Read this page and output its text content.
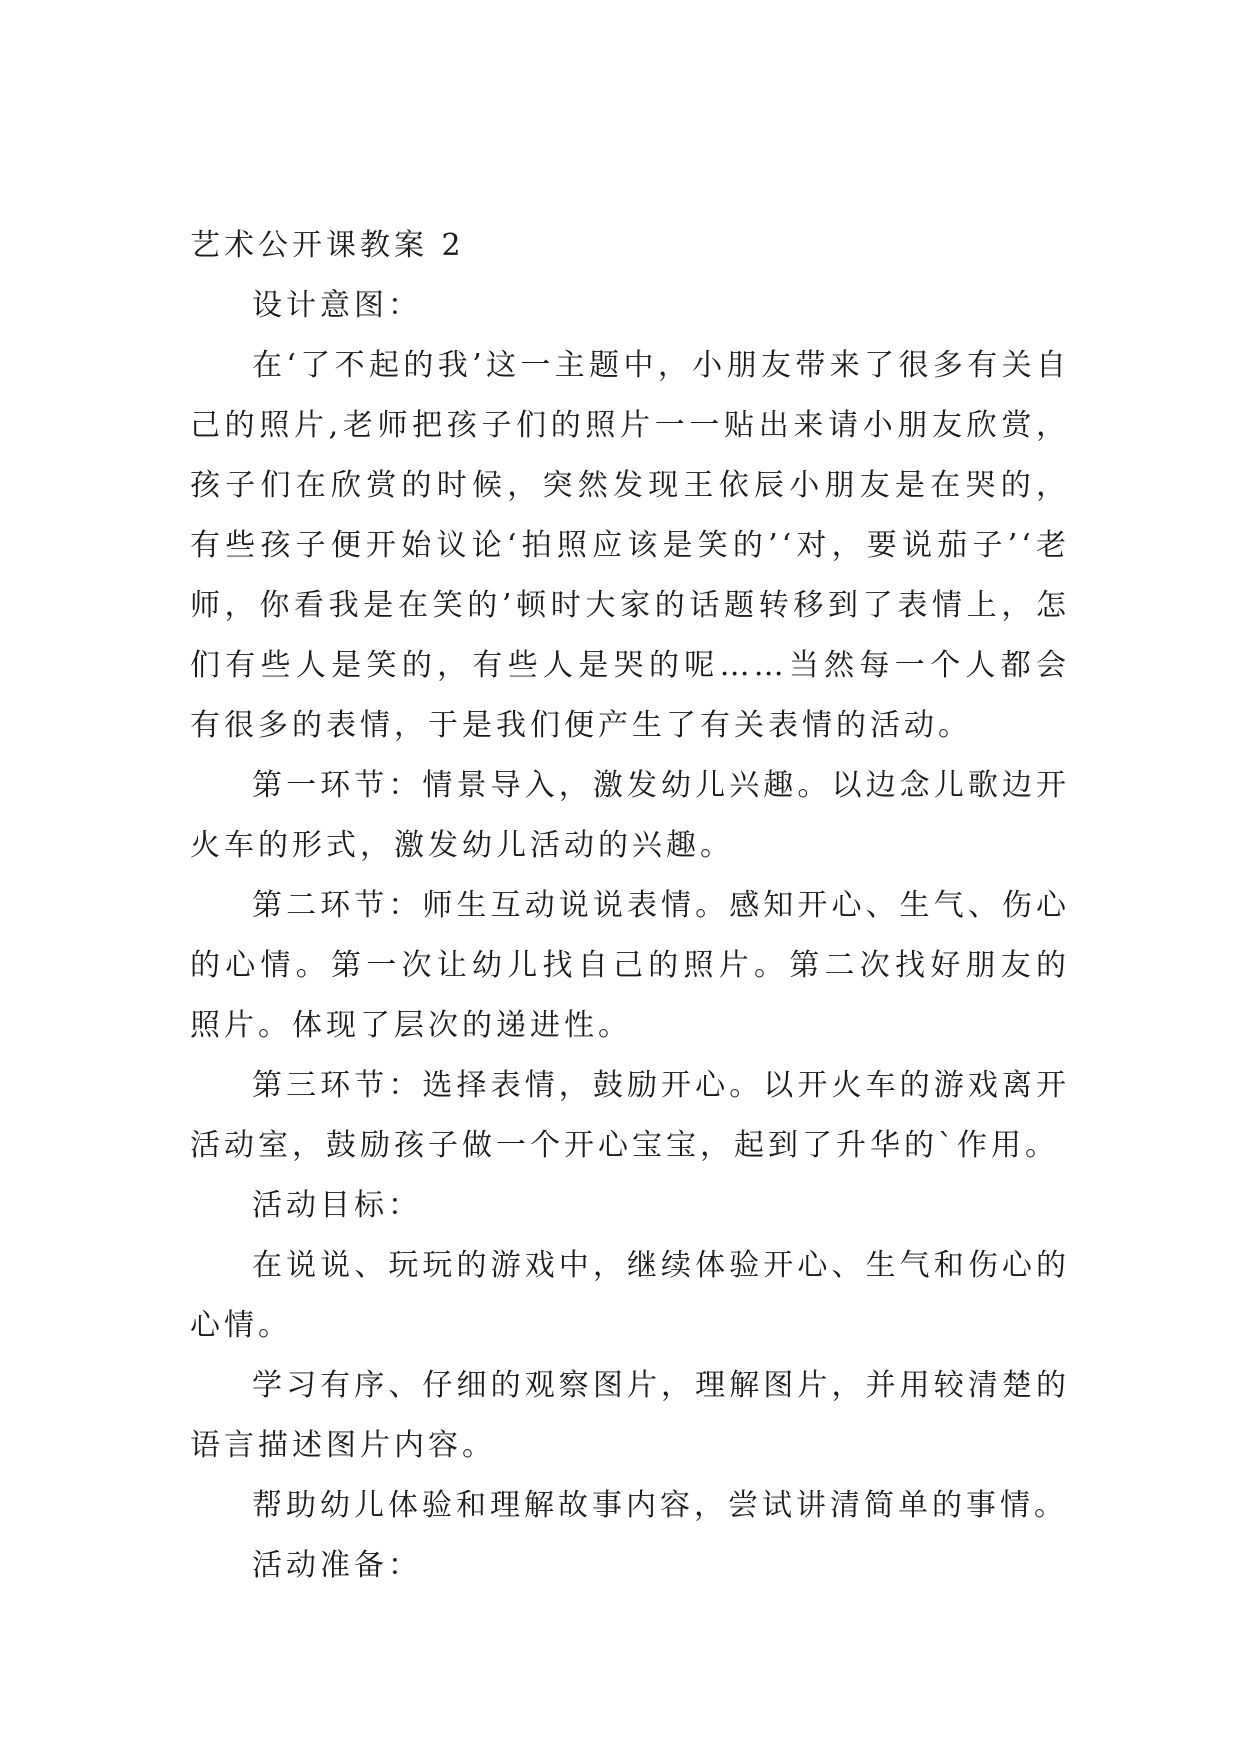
艺术公开课教案 2

设计意图：

在‘了不起的我’这一主题中，小朋友带来了很多有关自己的照片,老师把孩子们的照片一一贴出来请小朋友欣赏，孩子们在欣赏的时候，突然发现王依辰小朋友是在哭的，有些孩子便开始议论‘拍照应该是笑的’‘对，要说茄子’‘老师，你看我是在笑的’顿时大家的话题转移到了表情上，怎们有些人是笑的，有些人是哭的呢……当然每一个人都会有很多的表情，于是我们便产生了有关表情的活动。

第一环节：情景导入，激发幼儿兴趣。以边念儿歌边开火车的形式，激发幼儿活动的兴趣。

第二环节：师生互动说说表情。感知开心、生气、伤心的心情。第一次让幼儿找自己的照片。第二次找好朋友的照片。体现了层次的递进性。

第三环节：选择表情，鼓励开心。以开火车的游戏离开活动室，鼓励孩子做一个开心宝宝，起到了升华的`作用。

活动目标：

在说说、玩玩的游戏中，继续体验开心、生气和伤心的心情。

学习有序、仔细的观察图片，理解图片，并用较清楚的语言描述图片内容。

帮助幼儿体验和理解故事内容，尝试讲清简单的事情。

活动准备：
